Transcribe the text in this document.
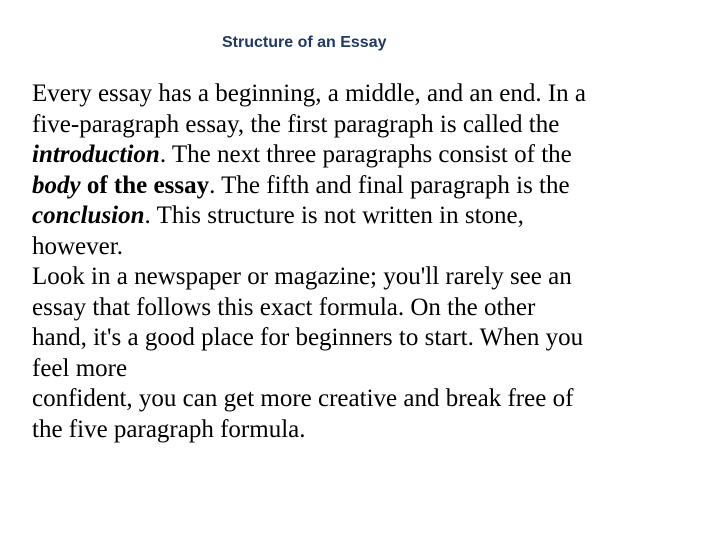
Structure of an Essay
Every essay has a beginning, a middle, and an end. In a
five-paragraph essay, the first paragraph is called the
introduction. The next three paragraphs consist of the
body of the essay. The fifth and final paragraph is the
conclusion. This structure is not written in stone,
however.
Look in a newspaper or magazine; you'll rarely see an
essay that follows this exact formula. On the other
hand, it's a good place for beginners to start. When you
feel more
confident, you can get more creative and break free of
the five paragraph formula.
